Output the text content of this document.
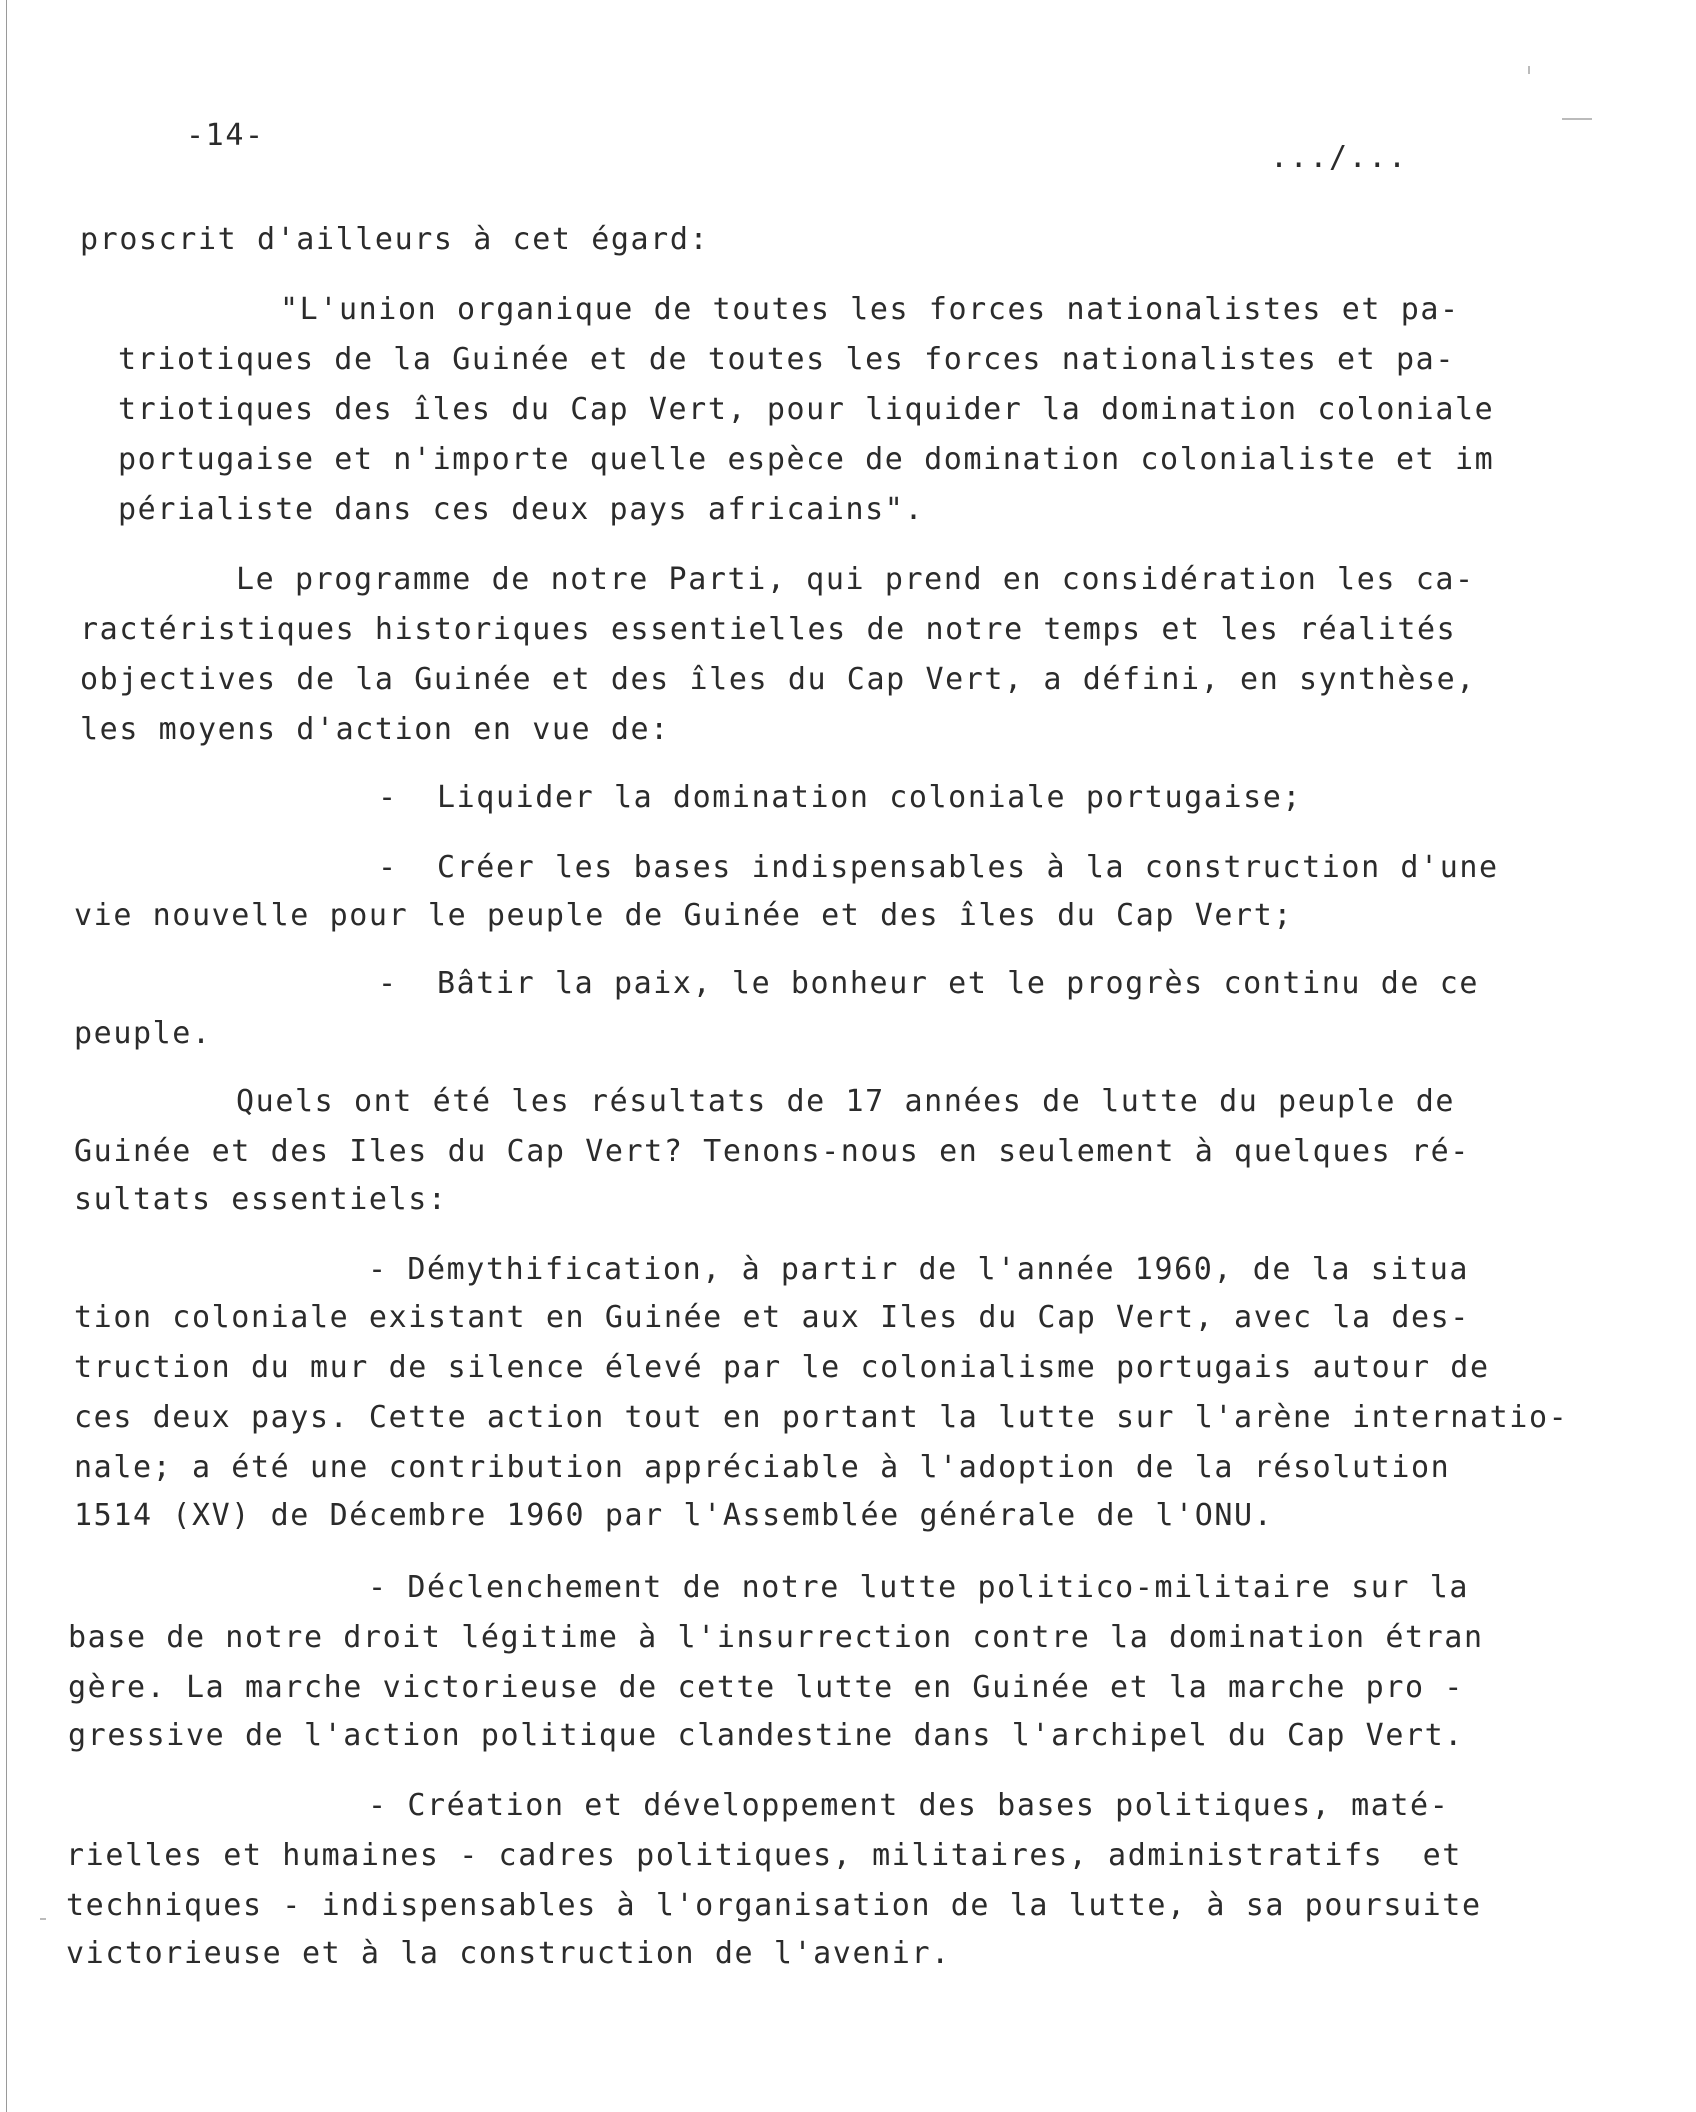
-14-
.../...
proscrit d'ailleurs à cet égard:
"L'union organique de toutes les forces nationalistes et pa-
triotiques de la Guinée et de toutes les forces nationalistes et pa-
triotiques des îles du Cap Vert, pour liquider la domination coloniale
portugaise et n'importe quelle espèce de domination colonialiste et im
périaliste dans ces deux pays africains".
Le programme de notre Parti, qui prend en considération les ca-
ractéristiques historiques essentielles de notre temps et les réalités
objectives de la Guinée et des îles du Cap Vert, a défini, en synthèse,
les moyens d'action en vue de:
-  Liquider la domination coloniale portugaise;
-  Créer les bases indispensables à la construction d'une
vie nouvelle pour le peuple de Guinée et des îles du Cap Vert;
-  Bâtir la paix, le bonheur et le progrès continu de ce
peuple.
Quels ont été les résultats de 17 années de lutte du peuple de
Guinée et des Iles du Cap Vert? Tenons-nous en seulement à quelques ré-
sultats essentiels:
- Démythification, à partir de l'année 1960, de la situa
tion coloniale existant en Guinée et aux Iles du Cap Vert, avec la des-
truction du mur de silence élevé par le colonialisme portugais autour de
ces deux pays. Cette action tout en portant la lutte sur l'arène internatio-
nale; a été une contribution appréciable à l'adoption de la résolution
1514 (XV) de Décembre 1960 par l'Assemblée générale de l'ONU.
- Déclenchement de notre lutte politico-militaire sur la
base de notre droit légitime à l'insurrection contre la domination étran
gère. La marche victorieuse de cette lutte en Guinée et la marche pro -
gressive de l'action politique clandestine dans l'archipel du Cap Vert.
- Création et développement des bases politiques, maté-
rielles et humaines - cadres politiques, militaires, administratifs  et
techniques - indispensables à l'organisation de la lutte, à sa poursuite
victorieuse et à la construction de l'avenir.
